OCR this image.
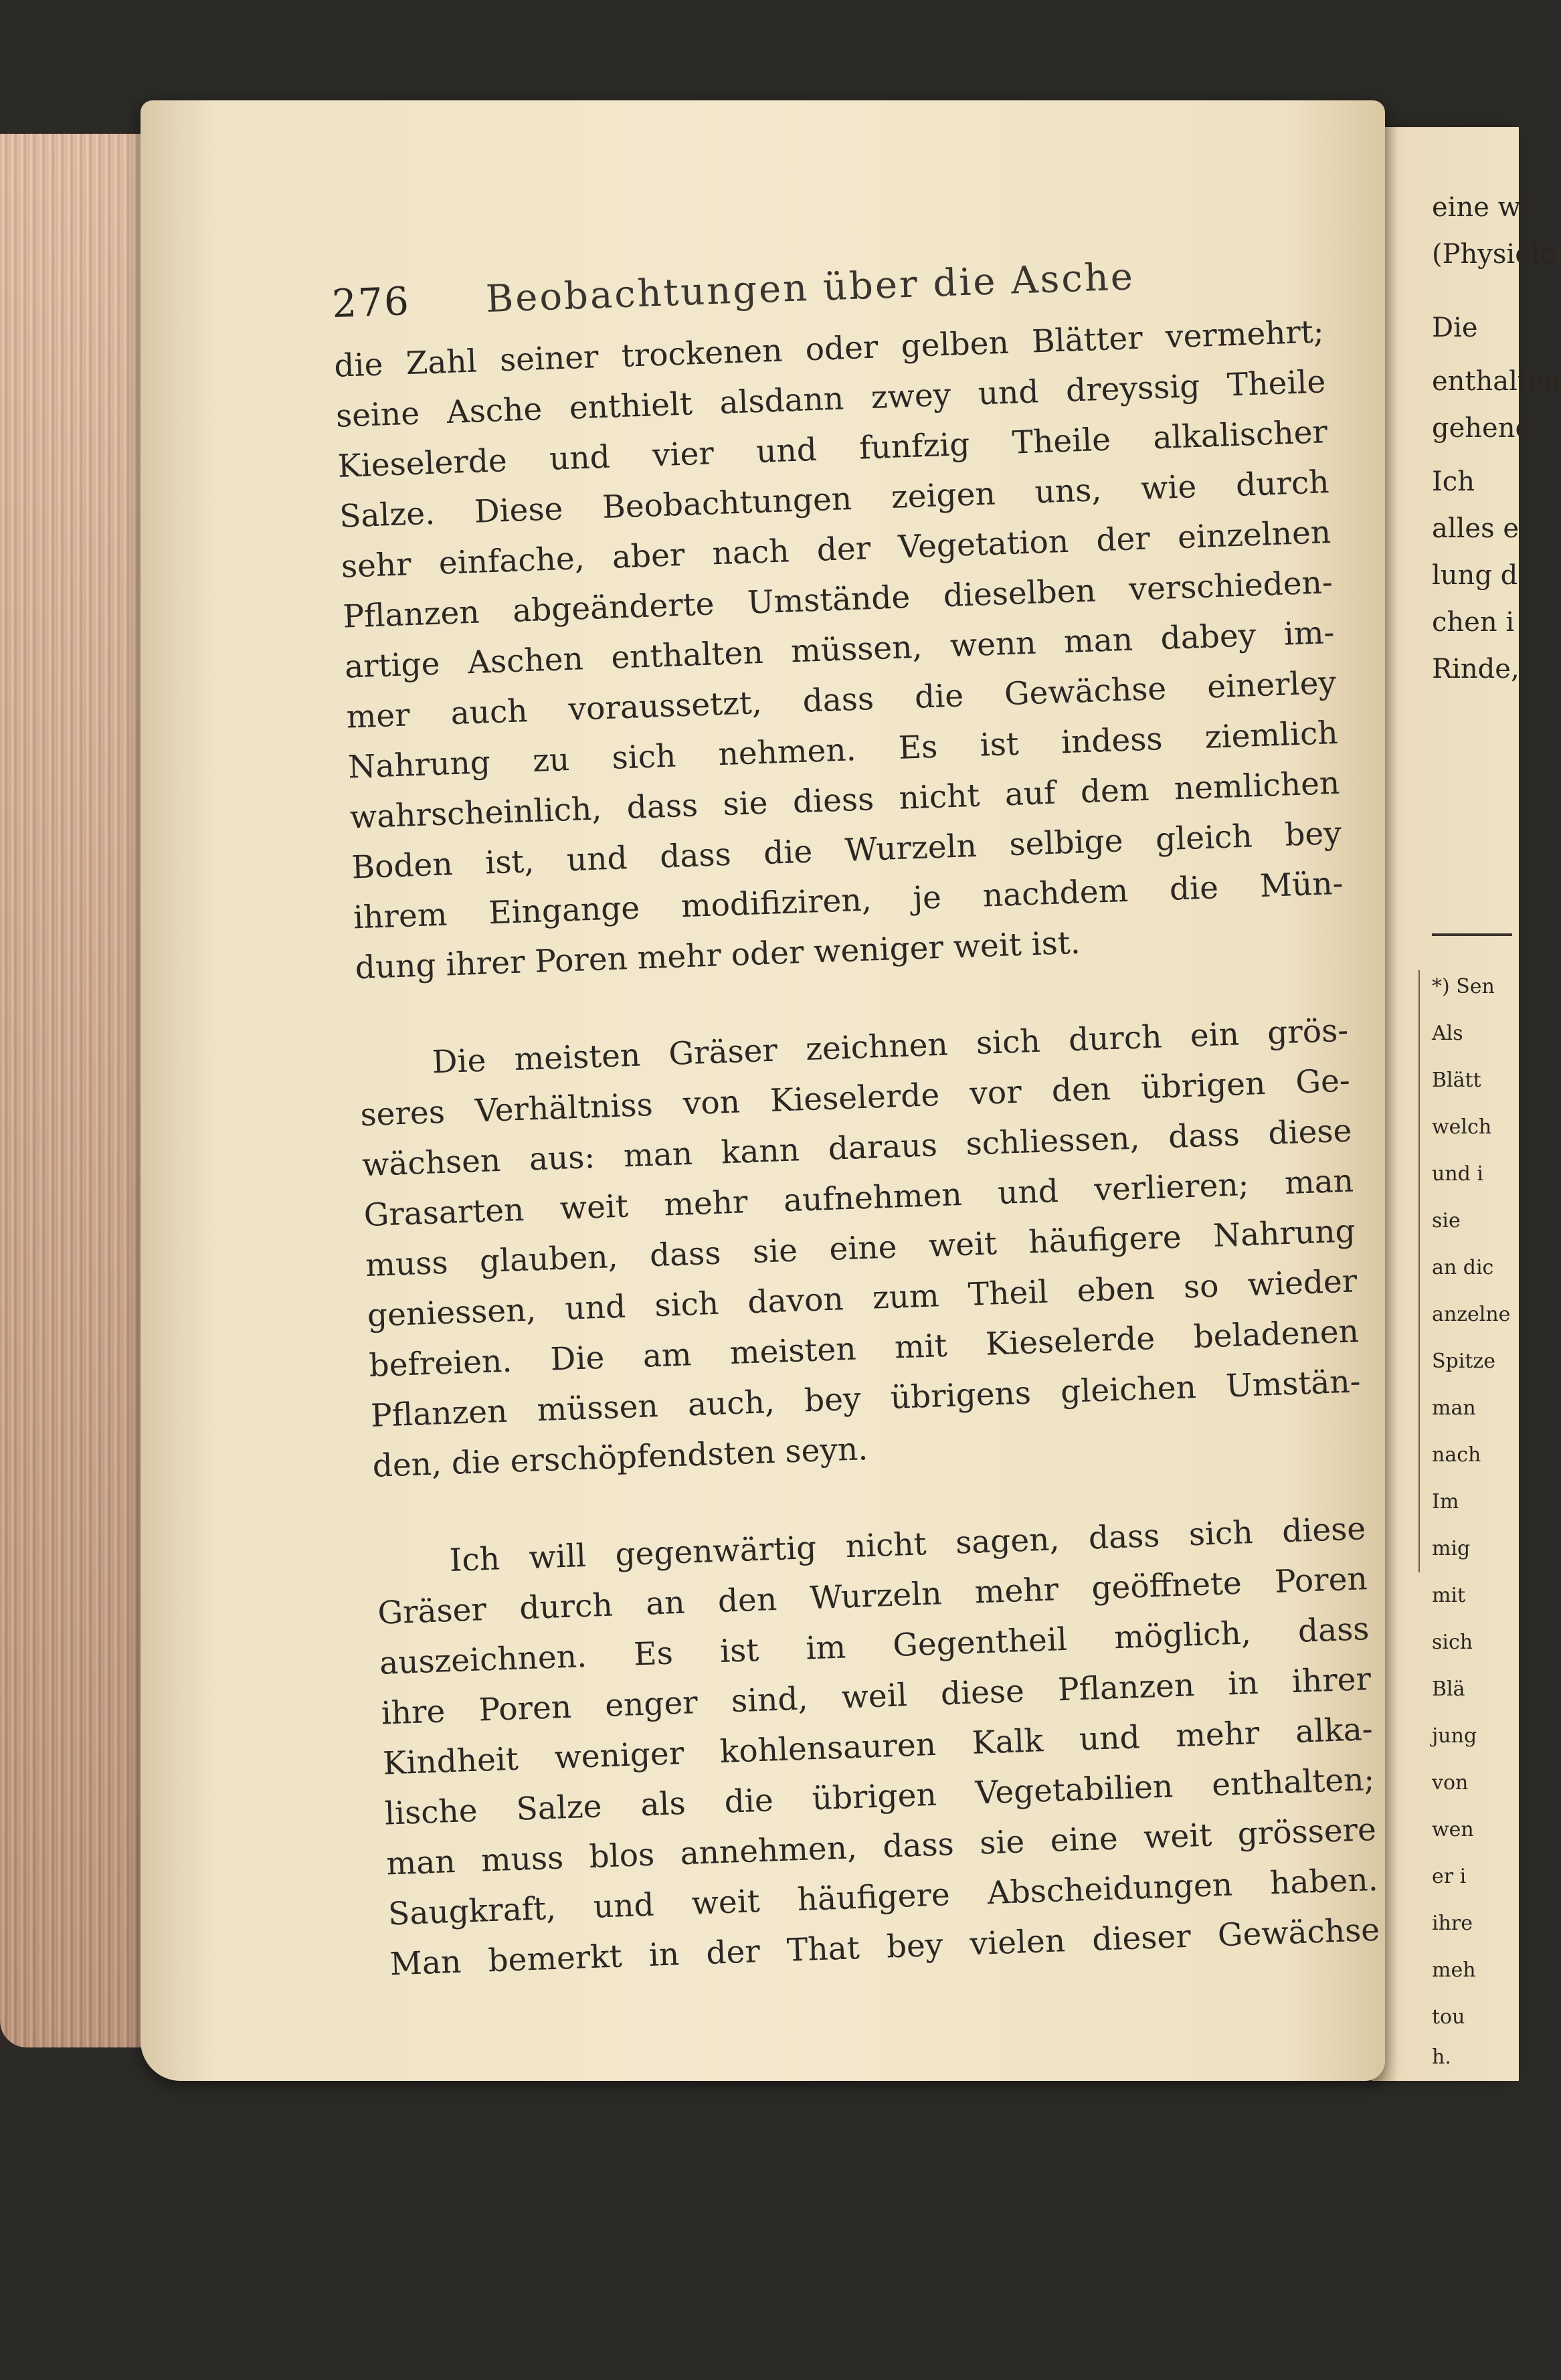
eine wi
(Physiolo
Die
enthalten
gehene
Ich
alles e
lung d
chen i
Rinde,
*) Sen
Als
Blätt
welch
und i
sie
an dic
anzelne
Spitze
man
nach
Im
mig
mit
sich
Blä
jung
von
wen
er i
ihre
meh
tou
h.
276	Beobachtungen über die Asche
die Zahl seiner trockenen oder gelben Blätter vermehrt;
seine Asche enthielt alsdann zwey und dreyssig Theile
Kieselerde und vier und funfzig Theile alkalischer
Salze. Diese Beobachtungen zeigen uns, wie durch
sehr einfache, aber nach der Vegetation der einzelnen
Pflanzen abgeänderte Umstände dieselben verschieden-
artige Aschen enthalten müssen, wenn man dabey im-
mer auch voraussetzt, dass die Gewächse einerley
Nahrung zu sich nehmen. Es ist indess ziemlich
wahrscheinlich, dass sie diess nicht auf dem nemlichen
Boden ist, und dass die Wurzeln selbige gleich bey
ihrem Eingange modifiziren, je nachdem die Mün-
dung ihrer Poren mehr oder weniger weit ist.
Die meisten Gräser zeichnen sich durch ein grös-
seres Verhältniss von Kieselerde vor den übrigen Ge-
wächsen aus: man kann daraus schliessen, dass diese
Grasarten weit mehr aufnehmen und verlieren; man
muss glauben, dass sie eine weit häufigere Nahrung
geniessen, und sich davon zum Theil eben so wieder
befreien. Die am meisten mit Kieselerde beladenen
Pflanzen müssen auch, bey übrigens gleichen Umstän-
den, die erschöpfendsten seyn.
Ich will gegenwärtig nicht sagen, dass sich diese
Gräser durch an den Wurzeln mehr geöffnete Poren
auszeichnen. Es ist im Gegentheil möglich, dass
ihre Poren enger sind, weil diese Pflanzen in ihrer
Kindheit weniger kohlensauren Kalk und mehr alka-
lische Salze als die übrigen Vegetabilien enthalten;
man muss blos annehmen, dass sie eine weit grössere
Saugkraft, und weit häufigere Abscheidungen haben.
Man bemerkt in der That bey vielen dieser Gewächse
